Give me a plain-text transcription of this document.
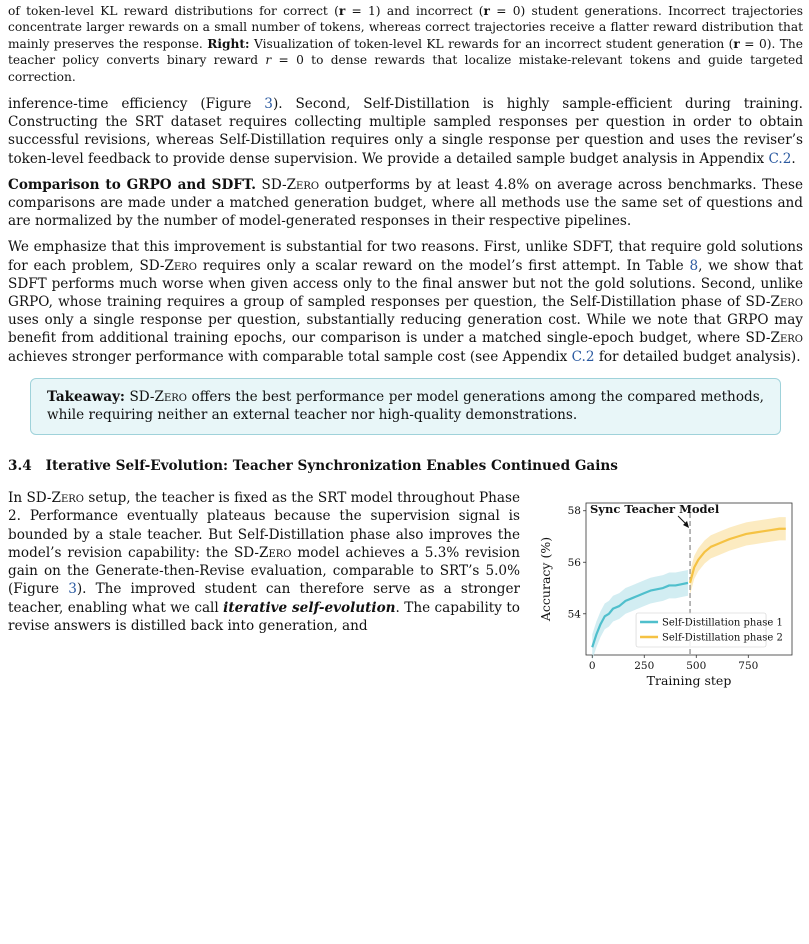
of token-level KL reward distributions for correct (r = 1) and incorrect (r = 0) student generations. Incorrect trajectories concentrate larger rewards on a small number of tokens, whereas correct trajectories receive a flatter reward distribution that mainly preserves the response. Right: Visualization of token-level KL rewards for an incorrect student generation (r = 0). The teacher policy converts binary reward r = 0 to dense rewards that localize mistake-relevant tokens and guide targeted correction.

inference-time efficiency (Figure 3). Second, Self-Distillation is highly sample-efficient during training. Constructing the SRT dataset requires collecting multiple sampled responses per question in order to obtain successful revisions, whereas Self-Distillation requires only a single response per question and uses the reviser’s token-level feedback to provide dense supervision. We provide a detailed sample budget analysis in Appendix C.2.

Comparison to GRPO and SDFT. SD-Zero outperforms by at least 4.8% on average across benchmarks. These comparisons are made under a matched generation budget, where all methods use the same set of questions and are normalized by the number of model-generated responses in their respective pipelines.

We emphasize that this improvement is substantial for two reasons. First, unlike SDFT, that require gold solutions for each problem, SD-Zero requires only a scalar reward on the model’s first attempt. In Table 8, we show that SDFT performs much worse when given access only to the final answer but not the gold solutions. Second, unlike GRPO, whose training requires a group of sampled responses per question, the Self-Distillation phase of SD-Zero uses only a single response per question, substantially reducing generation cost. While we note that GRPO may benefit from additional training epochs, our comparison is under a matched single-epoch budget, where SD-Zero achieves stronger performance with comparable total sample cost (see Appendix C.2 for detailed budget analysis).

Takeaway: SD-Zero offers the best performance per model generations among the compared methods, while requiring neither an external teacher nor high-quality demonstrations.
3.4 Iterative Self-Evolution: Teacher Synchronization Enables Continued Gains

In SD-Zero setup, the teacher is fixed as the SRT model throughout Phase 2. Performance eventually plateaus because the supervision signal is bounded by a stale teacher. But Self-Distillation phase also improves the model’s revision capability: the SD-Zero model achieves a 5.3% revision gain on the Generate-then-Revise evaluation, comparable to SRT’s 5.0% (Figure 3). The improved student can therefore serve as a stronger teacher, enabling what we call iterative self-evolution. The capability to revise answers is distilled back into generation, and

0	250	500	750
54
56
58
Training step
Accuracy (%)
Sync Teacher Model
Self-Distillation phase 1
Self-Distillation phase 2
